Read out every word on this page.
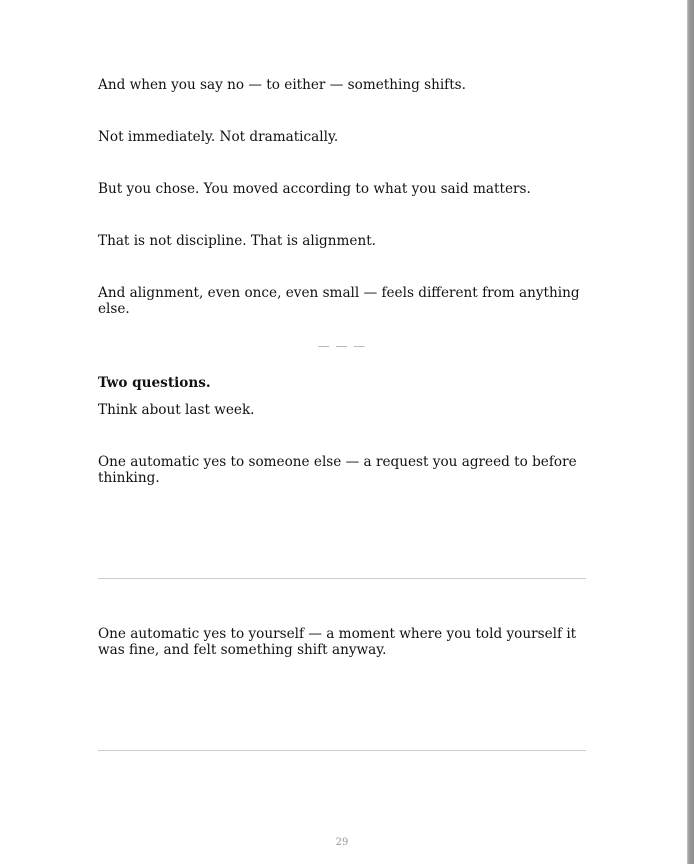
And when you say no — to either — something shifts.

Not immediately. Not dramatically.

But you chose. You moved according to what you said matters.

That is not discipline. That is alignment.

And alignment, even once, even small — feels different from anything else.

— — —

Two questions.

Think about last week.

One automatic yes to someone else — a request you agreed to before thinking.

One automatic yes to yourself — a moment where you told yourself it was fine, and felt something shift anyway.

29
